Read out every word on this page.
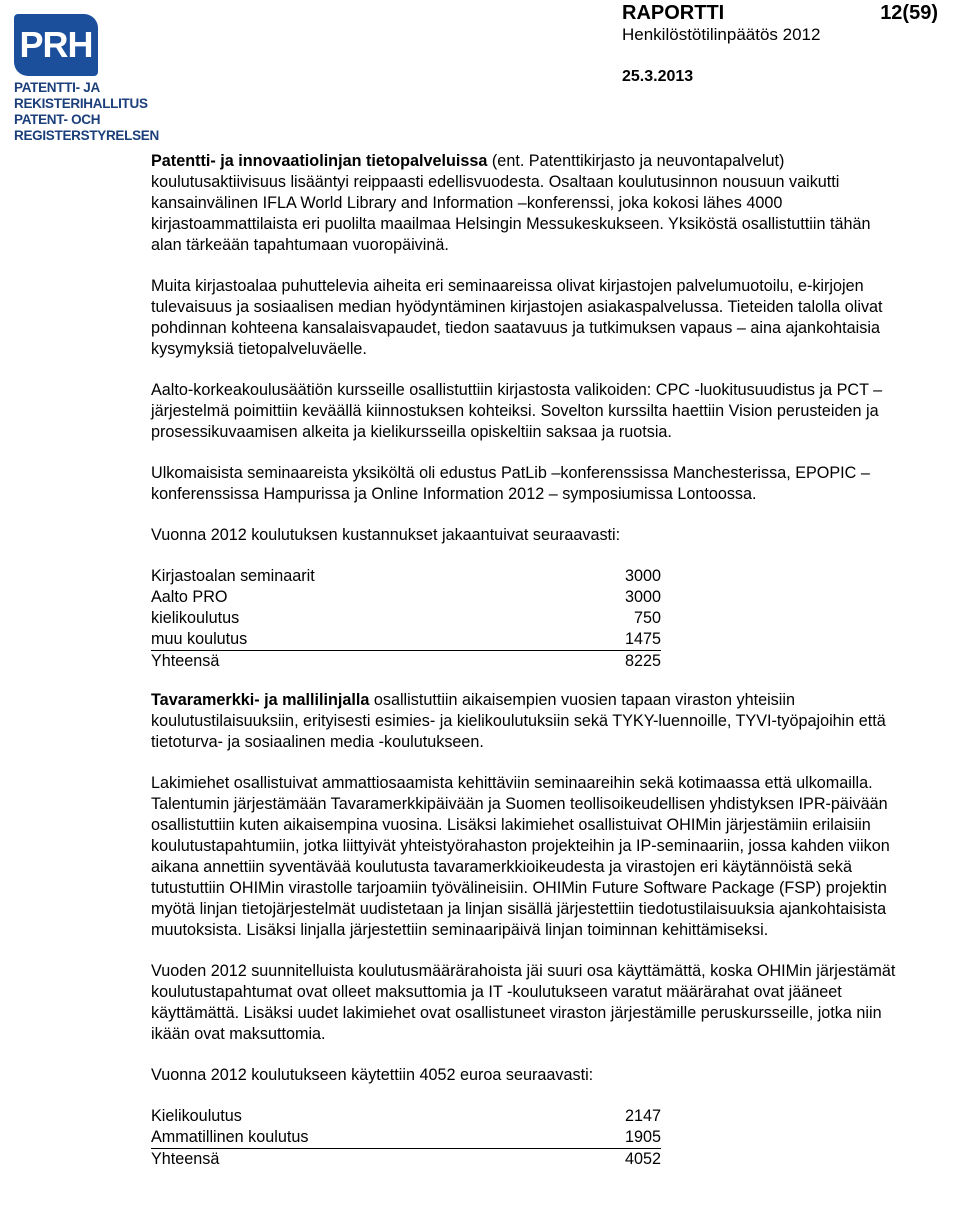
PRH
PATENTTI- JA REKISTERIHALLITUS
PATENT- OCH REGISTERSTYRELSEN
RAPORTTI	12(59)
Henkilöstötilinpäätös 2012
25.3.2013

Patentti- ja innovaatiolinjan tietopalveluissa (ent. Patenttikirjasto ja neuvontapalvelut) koulutusaktiivisuus lisääntyi reippaasti edellisvuodesta. Osaltaan koulutusinnon nousuun vaikutti kansainvälinen IFLA World Library and Information –konferenssi, joka kokosi lähes 4000 kirjastoammattilaista eri puolilta maailmaa Helsingin Messukeskukseen. Yksiköstä osallistuttiin tähän alan tärkeään tapahtumaan vuoropäivinä.

Muita kirjastoalaa puhuttelevia aiheita eri seminaareissa olivat kirjastojen palvelumuotoilu, e-kirjojen tulevaisuus ja sosiaalisen median hyödyntäminen kirjastojen asiakaspalvelussa. Tieteiden talolla olivat pohdinnan kohteena kansalaisvapaudet, tiedon saatavuus ja tutkimuksen vapaus – aina ajankohtaisia kysymyksiä tietopalveluväelle.

Aalto-korkeakoulusäätiön kursseille osallistuttiin kirjastosta valikoiden: CPC -luokitusuudistus ja PCT – järjestelmä poimittiin keväällä kiinnostuksen kohteiksi. Sovelton kurssilta haettiin Vision perusteiden ja prosessikuvaamisen alkeita ja kielikursseilla opiskeltiin saksaa ja ruotsia.

Ulkomaisista seminaareista yksiköltä oli edustus PatLib –konferenssissa Manchesterissa, EPOPIC –konferenssissa Hampurissa ja Online Information 2012 – symposiumissa Lontoossa.

Vuonna 2012 koulutuksen kustannukset jakaantuivat seuraavasti:

Kirjastoalan seminaarit	3000
Aalto PRO	3000
kielikoulutus	750
muu koulutus	1475
Yhteensä	8225

Tavaramerkki- ja mallilinjalla osallistuttiin aikaisempien vuosien tapaan viraston yhteisiin koulutustilaisuuksiin, erityisesti esimies- ja kielikoulutuksiin sekä TYKY-luennoille, TYVI-työpajoihin että tietoturva- ja sosiaalinen media -koulutukseen.

Lakimiehet osallistuivat ammattiosaamista kehittäviin seminaareihin sekä kotimaassa että ulkomailla. Talentumin järjestämään Tavaramerkkipäivään ja Suomen teollisoikeudellisen yhdistyksen IPR-päivään osallistuttiin kuten aikaisempina vuosina. Lisäksi lakimiehet osallistuivat OHIMin järjestämiin erilaisiin koulutustapahtumiin, jotka liittyivät yhteistyörahaston projekteihin ja IP-seminaariin, jossa kahden viikon aikana annettiin syventävää koulutusta tavaramerkkioikeudesta ja virastojen eri käytännöistä sekä tutustuttiin OHIMin virastolle tarjoamiin työvälineisiin. OHIMin Future Software Package (FSP) projektin myötä linjan tietojärjestelmät uudistetaan ja linjan sisällä järjestettiin tiedotustilaisuuksia ajankohtaisista muutoksista. Lisäksi linjalla järjestettiin seminaaripäivä linjan toiminnan kehittämiseksi.

Vuoden 2012 suunnitelluista koulutusmäärärahoista jäi suuri osa käyttämättä, koska OHIMin järjestämät koulutustapahtumat ovat olleet maksuttomia ja IT -koulutukseen varatut määrärahat ovat jääneet käyttämättä. Lisäksi uudet lakimiehet ovat osallistuneet viraston järjestämille peruskursseille, jotka niin ikään ovat maksuttomia.

Vuonna 2012 koulutukseen käytettiin 4052 euroa seuraavasti:

Kielikoulutus	2147
Ammatillinen koulutus	1905
Yhteensä	4052
